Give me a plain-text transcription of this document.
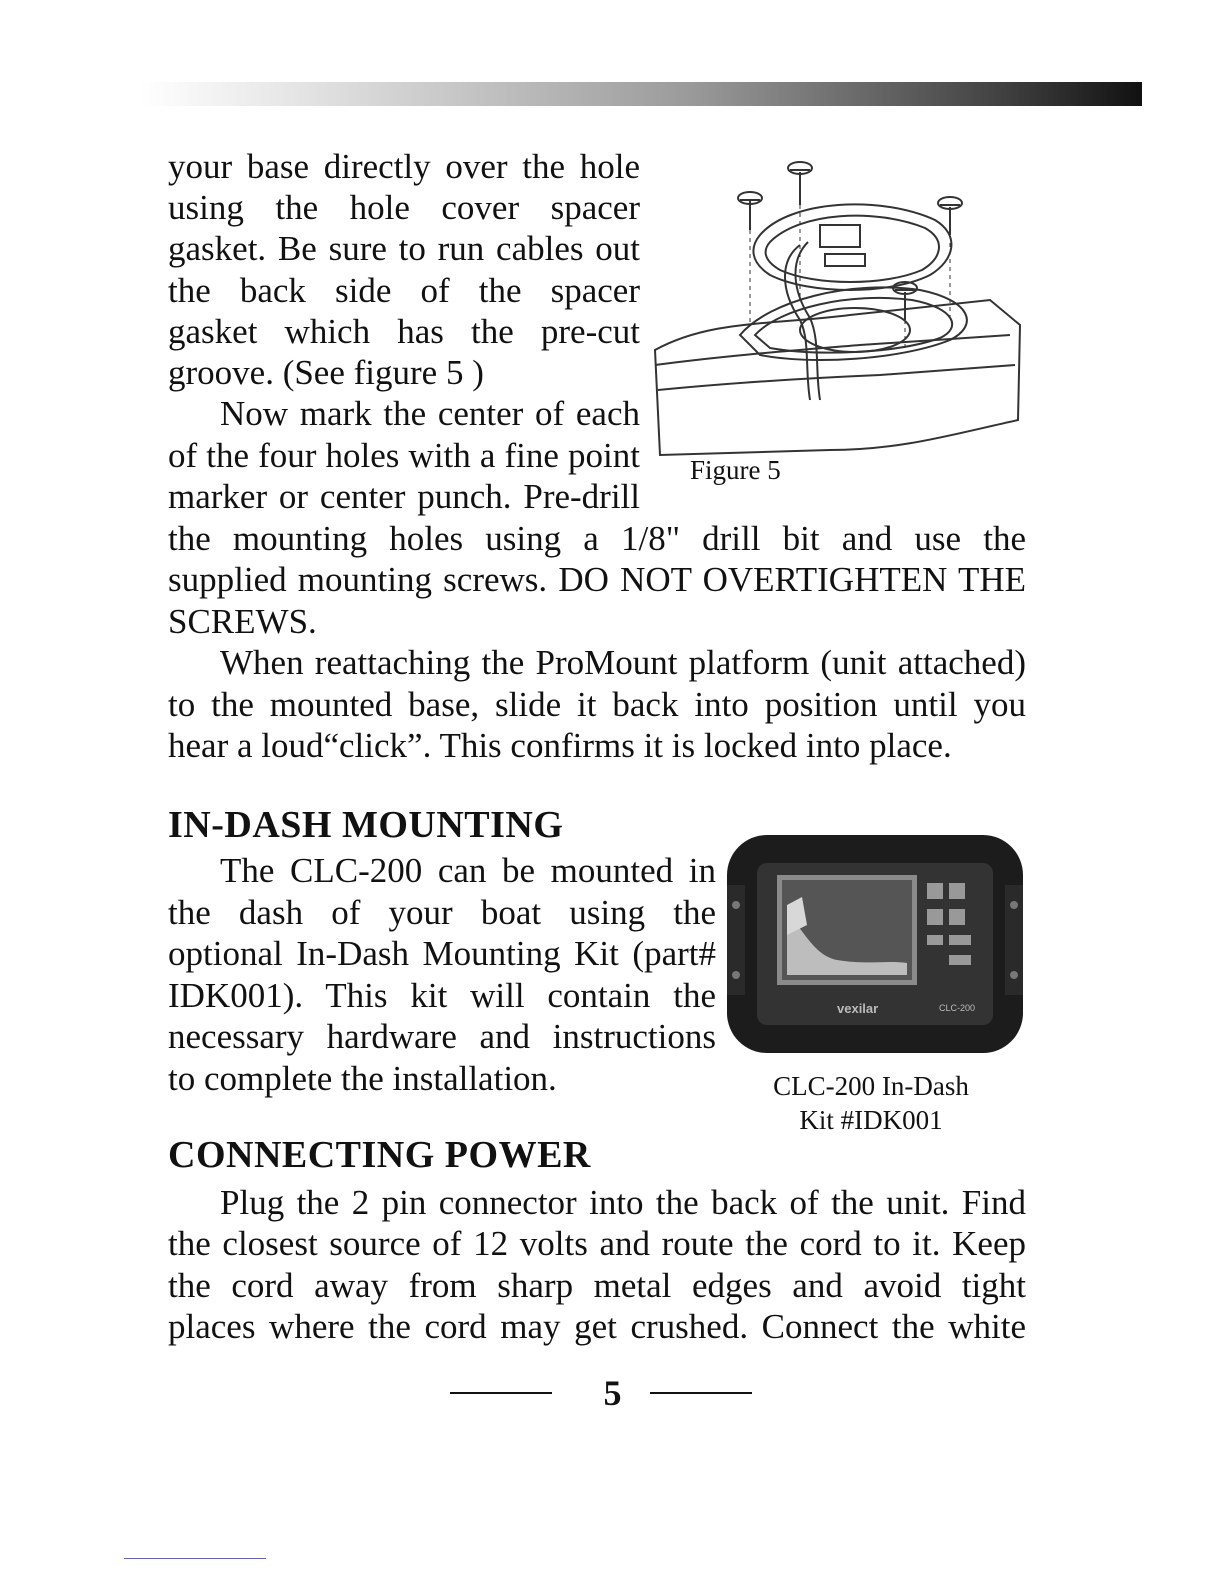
your base directly over the hole

using the hole cover spacer

gasket. Be sure to run cables out

the back side of the spacer

gasket which has the pre-cut

groove. (See figure 5 )

Now mark the center of each

of the four holes with a fine point

marker or center punch. Pre-drill

the mounting holes using a 1/8" drill bit and use the

supplied mounting screws. DO NOT OVERTIGHTEN THE

SCREWS.

When reattaching the ProMount platform (unit attached)

to the mounted base, slide it back into position until you

hear a loud“click”. This confirms it is locked into place.

Figure 5

IN-DASH MOUNTING

The CLC-200 can be mounted in

the dash of your boat using the

optional In-Dash Mounting Kit (part#

IDK001). This kit will contain the

necessary hardware and instructions

to complete the installation.

vexilar	CLC-200
CLC-200 In-Dash
Kit #IDK001

CONNECTING POWER

Plug the 2 pin connector into the back of the unit. Find

the closest source of 12 volts and route the cord to it. Keep

the cord away from sharp metal edges and avoid tight

places where the cord may get crushed. Connect the white

5
